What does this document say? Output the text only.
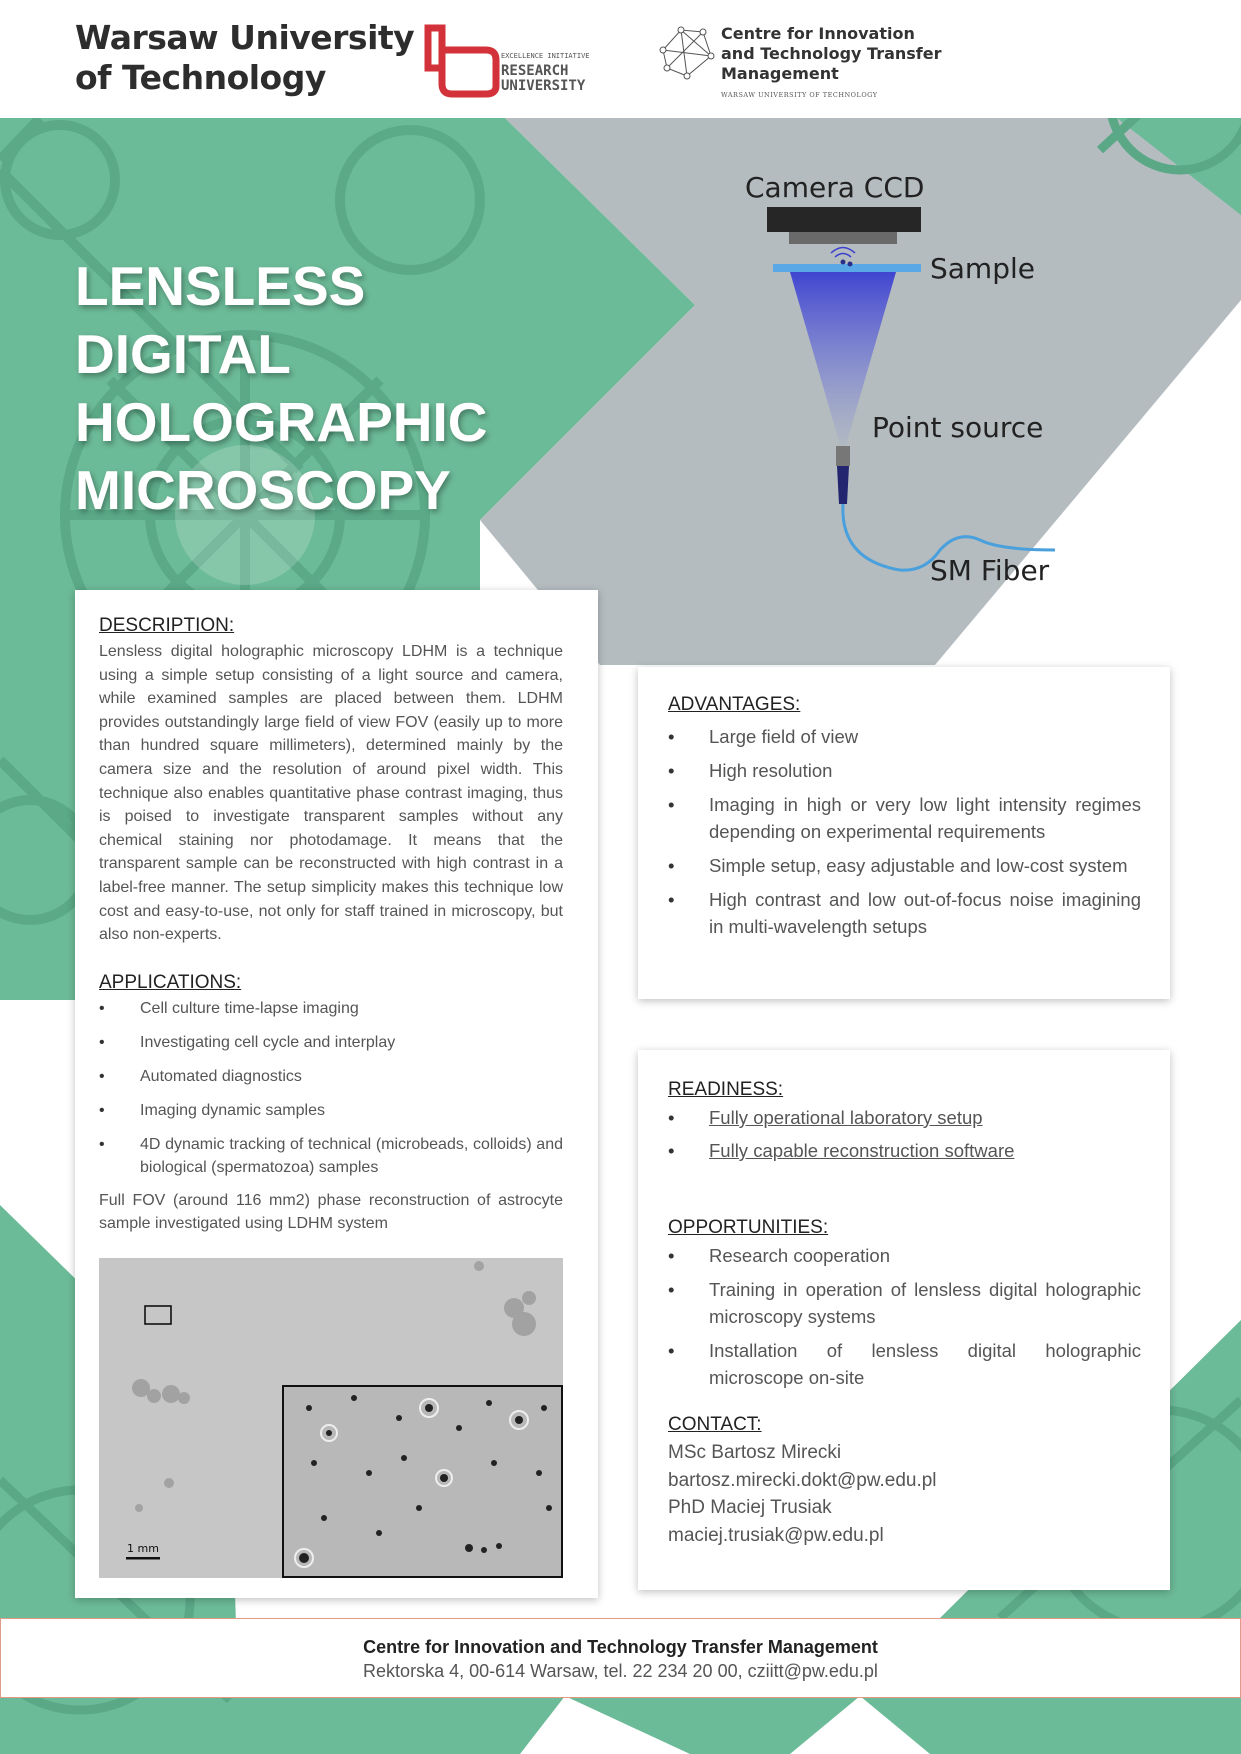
Warsaw University
of Technology
EXCELLENCE INITIATIVE
RESEARCH
UNIVERSITY
Centre for Innovation
and Technology Transfer
Management
WARSAW UNIVERSITY OF TECHNOLOGY
LENSLESS DIGITAL
HOLOGRAPHIC
MICROSCOPY
Camera CCD
Sample
Point source
SM Fiber
DESCRIPTION:

Lensless digital holographic microscopy LDHM is a technique using a simple setup consisting of a light source and camera, while examined samples are placed between them. LDHM provides outstandingly large field of view FOV (easily up to more than hundred square millimeters), determined mainly by the camera size and the resolution of around pixel width. This technique also enables quantitative phase contrast imaging, thus is poised to investigate transparent samples without any chemical staining nor photodamage. It means that the transparent sample can be reconstructed with high contrast in a label-free manner. The setup simplicity makes this technique low cost and easy-to-use, not only for staff trained in microscopy, but also non-experts.

APPLICATIONS:
• Cell culture time-lapse imaging
• Investigating cell cycle and interplay
• Automated diagnostics
• Imaging dynamic samples
• 4D dynamic tracking of technical (microbeads, colloids) and biological (spermatozoa) samples

Full FOV (around 116 mm2) phase reconstruction of astrocyte sample investigated using LDHM system

1 mm
ADVANTAGES:
• Large field of view
• High resolution
• Imaging in high or very low light intensity regimes depending on experimental requirements
• Simple setup, easy adjustable and low-cost system
• High contrast and low out-of-focus noise imagining in multi-wavelength setups
READINESS:
• Fully operational laboratory setup
• Fully capable reconstruction software
OPPORTUNITIES:
• Research cooperation
• Training in operation of lensless digital holographic microscopy systems
• Installation of lensless digital holographic microscope on-site
CONTACT:

MSc Bartosz Mirecki

bartosz.mirecki.dokt@pw.edu.pl

PhD Maciej Trusiak

maciej.trusiak@pw.edu.pl

Centre for Innovation and Technology Transfer Management
Rektorska 4, 00-614 Warsaw, tel. 22 234 20 00, cziitt@pw.edu.pl
